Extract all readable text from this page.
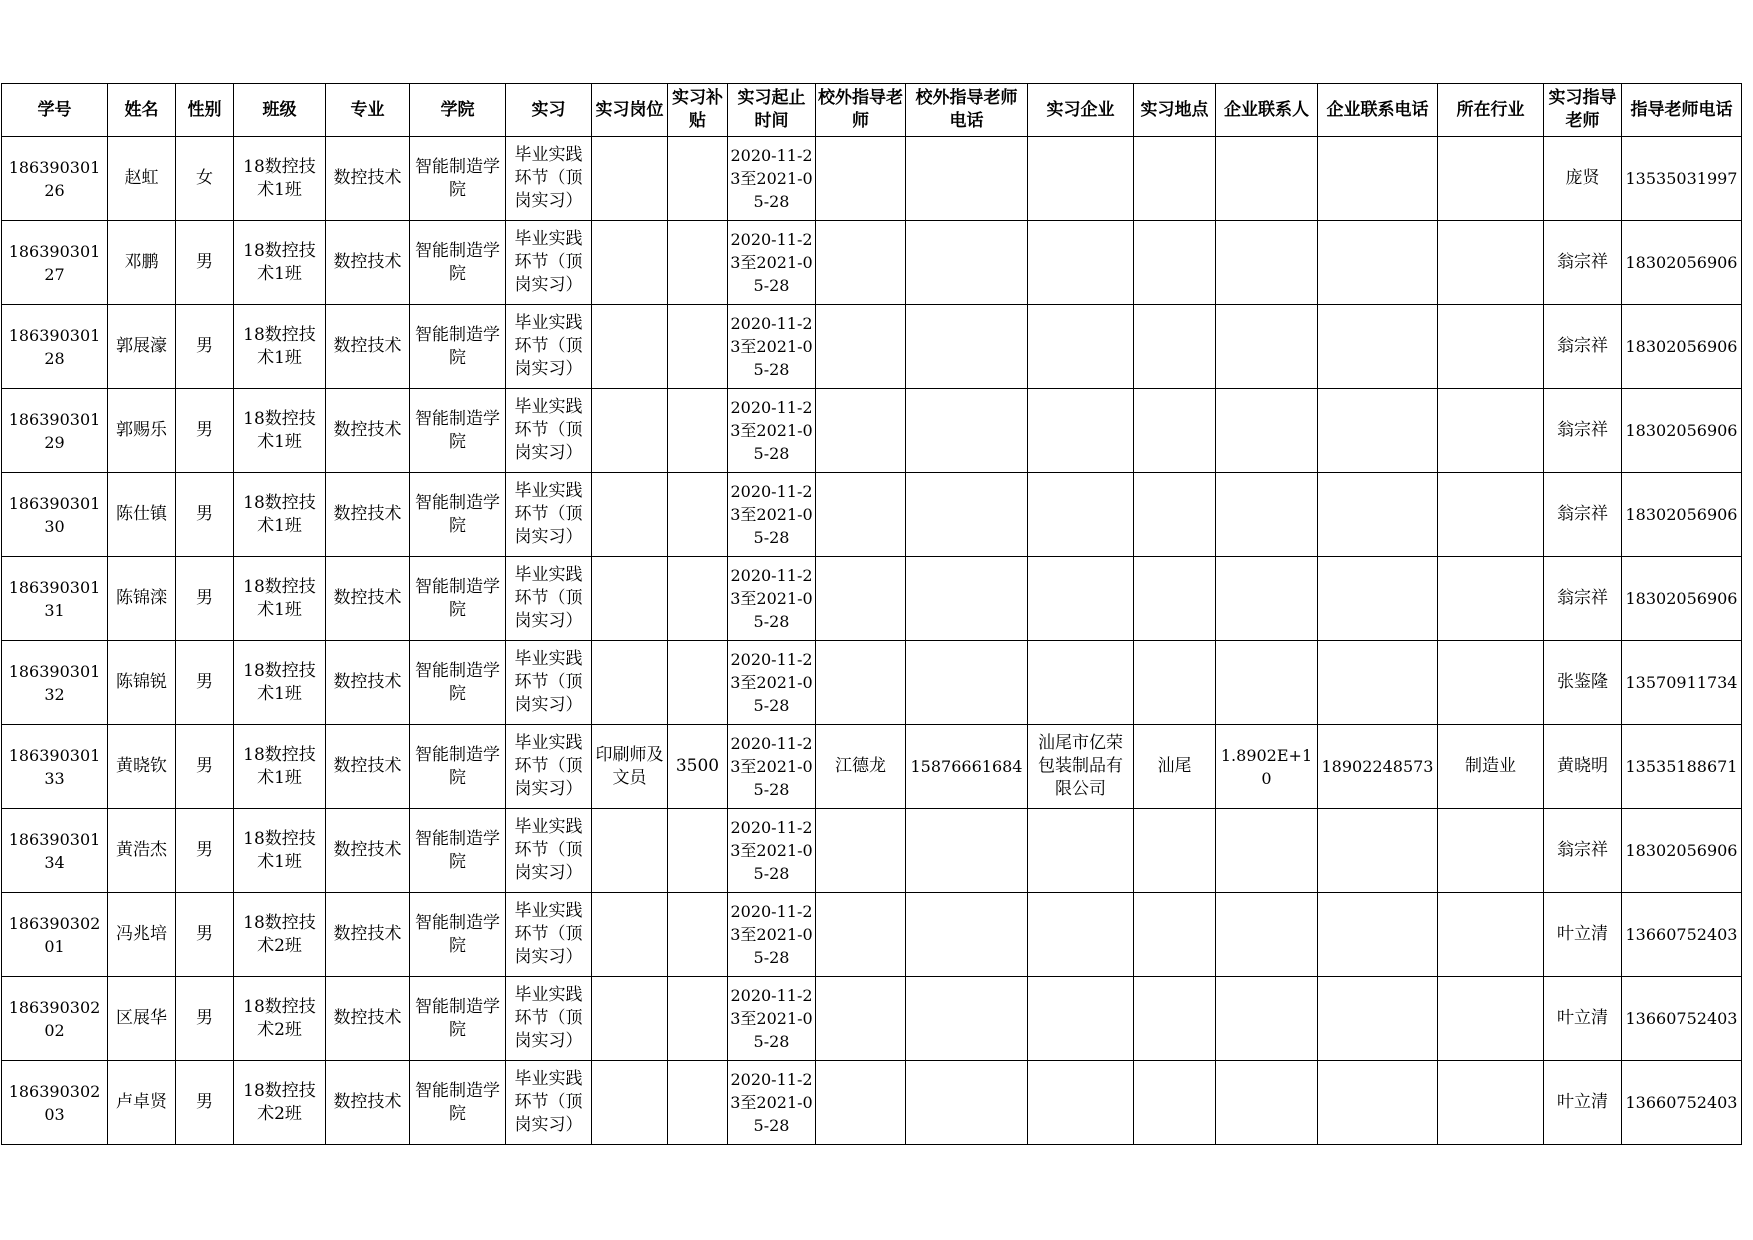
学号	姓名	性别	班级	专业	学院	实习	实习岗位	实习补贴	实习起止时间	校外指导老师	校外指导老师电话	实习企业	实习地点	企业联系人	企业联系电话	所在行业	实习指导老师	指导老师电话

18639030126	赵虹	女	18数控技术1班	数控技术	智能制造学院	毕业实践环节（顶岗实习）			2020-11-23至2021-05-28								庞贤	13535031997

18639030127	邓鹏	男	18数控技术1班	数控技术	智能制造学院	毕业实践环节（顶岗实习）			2020-11-23至2021-05-28								翁宗祥	18302056906

18639030128	郭展濠	男	18数控技术1班	数控技术	智能制造学院	毕业实践环节（顶岗实习）			2020-11-23至2021-05-28								翁宗祥	18302056906

18639030129	郭赐乐	男	18数控技术1班	数控技术	智能制造学院	毕业实践环节（顶岗实习）			2020-11-23至2021-05-28								翁宗祥	18302056906

18639030130	陈仕镇	男	18数控技术1班	数控技术	智能制造学院	毕业实践环节（顶岗实习）			2020-11-23至2021-05-28								翁宗祥	18302056906

18639030131	陈锦滦	男	18数控技术1班	数控技术	智能制造学院	毕业实践环节（顶岗实习）			2020-11-23至2021-05-28								翁宗祥	18302056906

18639030132	陈锦锐	男	18数控技术1班	数控技术	智能制造学院	毕业实践环节（顶岗实习）			2020-11-23至2021-05-28								张鉴隆	13570911734

18639030133	黄晓钦	男	18数控技术1班	数控技术	智能制造学院	毕业实践环节（顶岗实习）	印刷师及文员	3500	2020-11-23至2021-05-28	江德龙	15876661684	汕尾市亿荣包装制品有限公司	汕尾	1.8902E+10	18902248573	制造业	黄晓明	13535188671

18639030134	黄浩杰	男	18数控技术1班	数控技术	智能制造学院	毕业实践环节（顶岗实习）			2020-11-23至2021-05-28								翁宗祥	18302056906

18639030201	冯兆培	男	18数控技术2班	数控技术	智能制造学院	毕业实践环节（顶岗实习）			2020-11-23至2021-05-28								叶立清	13660752403

18639030202	区展华	男	18数控技术2班	数控技术	智能制造学院	毕业实践环节（顶岗实习）			2020-11-23至2021-05-28								叶立清	13660752403

18639030203	卢卓贤	男	18数控技术2班	数控技术	智能制造学院	毕业实践环节（顶岗实习）			2020-11-23至2021-05-28								叶立清	13660752403
